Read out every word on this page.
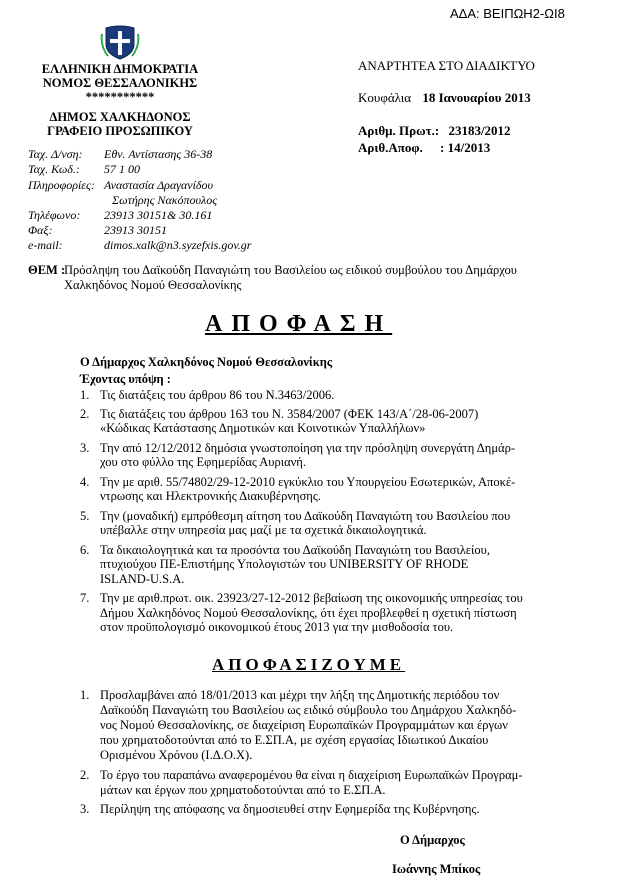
ΑΔΑ: ΒΕΙΠΩΗ2-ΩΙ8
ΕΛΛΗΝΙΚΗ ΔΗΜΟΚΡΑΤΙΑ
ΝΟΜΟΣ ΘΕΣΣΑΛΟΝΙΚΗΣ
***********
ΔΗΜΟΣ ΧΑΛΚΗΔΟΝΟΣ
ΓΡΑΦΕΙΟ ΠΡΟΣΩΠΙΚΟΥ
ΑΝΑΡΤΗΤΕΑ ΣΤΟ ΔΙΑΔΙΚΤΥΟ
Κουφάλια 18 Ιανουαρίου 2013
Αριθμ. Πρωτ.: 23183/2012
Αριθ.Αποφ. : 14/2013
Ταχ. Δ/νση: Εθν. Αντίστασης 36-38
Ταχ. Κωδ.: 57 1 00
Πληροφορίες: Αναστασία Δραγανίδου
Σωτήρης Νακόπουλος
Τηλέφωνο: 23913 30151& 30.161
Φαξ:	23913 30151
e-mail:	dimos.xalk@n3.syzefxis.gov.gr
ΘΕΜ :
Πρόσληψη του Δαϊκούδη Παναγιώτη του Βασιλείου ως ειδικού συμβούλου του Δημάρχου
Χαλκηδόνος Νομού Θεσσαλονίκης
ΑΠΟΦΑΣΗ
Ο Δήμαρχος Χαλκηδόνος Νομού Θεσσαλονίκης
Έχοντας υπόψη :
1. Τις διατάξεις του άρθρου 86 του Ν.3463/2006.
2. Τις διατάξεις του άρθρου 163 του Ν. 3584/2007 (ΦΕΚ 143/Α΄/28-06-2007)
«Κώδικας Κατάστασης Δημοτικών και Κοινοτικών Υπαλλήλων»
3. Την από 12/12/2012 δημόσια γνωστοποίηση για την πρόσληψη συνεργάτη Δημάρ-
χου στο φύλλο της Εφημερίδας Αυριανή.
4. Την με αριθ. 55/74802/29-12-2010 εγκύκλιο του Υπουργείου Εσωτερικών, Αποκέ-
ντρωσης και Ηλεκτρονικής Διακυβέρνησης.
5. Την (μοναδική) εμπρόθεσμη αίτηση του Δαϊκούδη Παναγιώτη του Βασιλείου που
υπέβαλλε στην υπηρεσία μας μαζί με τα σχετικά δικαιολογητικά.
6. Τα δικαιολογητικά και τα προσόντα του Δαϊκούδη Παναγιώτη του Βασιλείου,
πτυχιούχου ΠΕ-Επιστήμης Υπολογιστών του UNIBERSITY OF RHODE
ISLAND-U.S.A.
7. Την με αριθ.πρωτ. οικ. 23923/27-12-2012 βεβαίωση της οικονομικής υπηρεσίας του
Δήμου Χαλκηδόνος Νομού Θεσσαλονίκης, ότι έχει προβλεφθεί η σχετική πίστωση
στον προϋπολογισμό οικονομικού έτους 2013 για την μισθοδοσία του.
ΑΠΟΦΑΣΙΖΟΥΜΕ
1. Προσλαμβάνει από 18/01/2013 και μέχρι την λήξη της Δημοτικής περιόδου τον
Δαϊκούδη Παναγιώτη του Βασιλείου ως ειδικό σύμβουλο του Δημάρχου Χαλκηδό-
νος Νομού Θεσσαλονίκης, σε διαχείριση Ευρωπαϊκών Προγραμμάτων και έργων
που χρηματοδοτούνται από το Ε.ΣΠ.Α, με σχέση εργασίας Ιδιωτικού Δικαίου
Ορισμένου Χρόνου (Ι.Δ.Ο.Χ).
2. Το έργο του παραπάνω αναφερομένου θα είναι η διαχείριση Ευρωπαϊκών Προγραμ-
μάτων και έργων που χρηματοδοτούνται από το Ε.ΣΠ.Α.
3. Περίληψη της απόφασης να δημοσιευθεί στην Εφημερίδα της Κυβέρνησης.
Ο Δήμαρχος
Ιωάννης Μπίκος
